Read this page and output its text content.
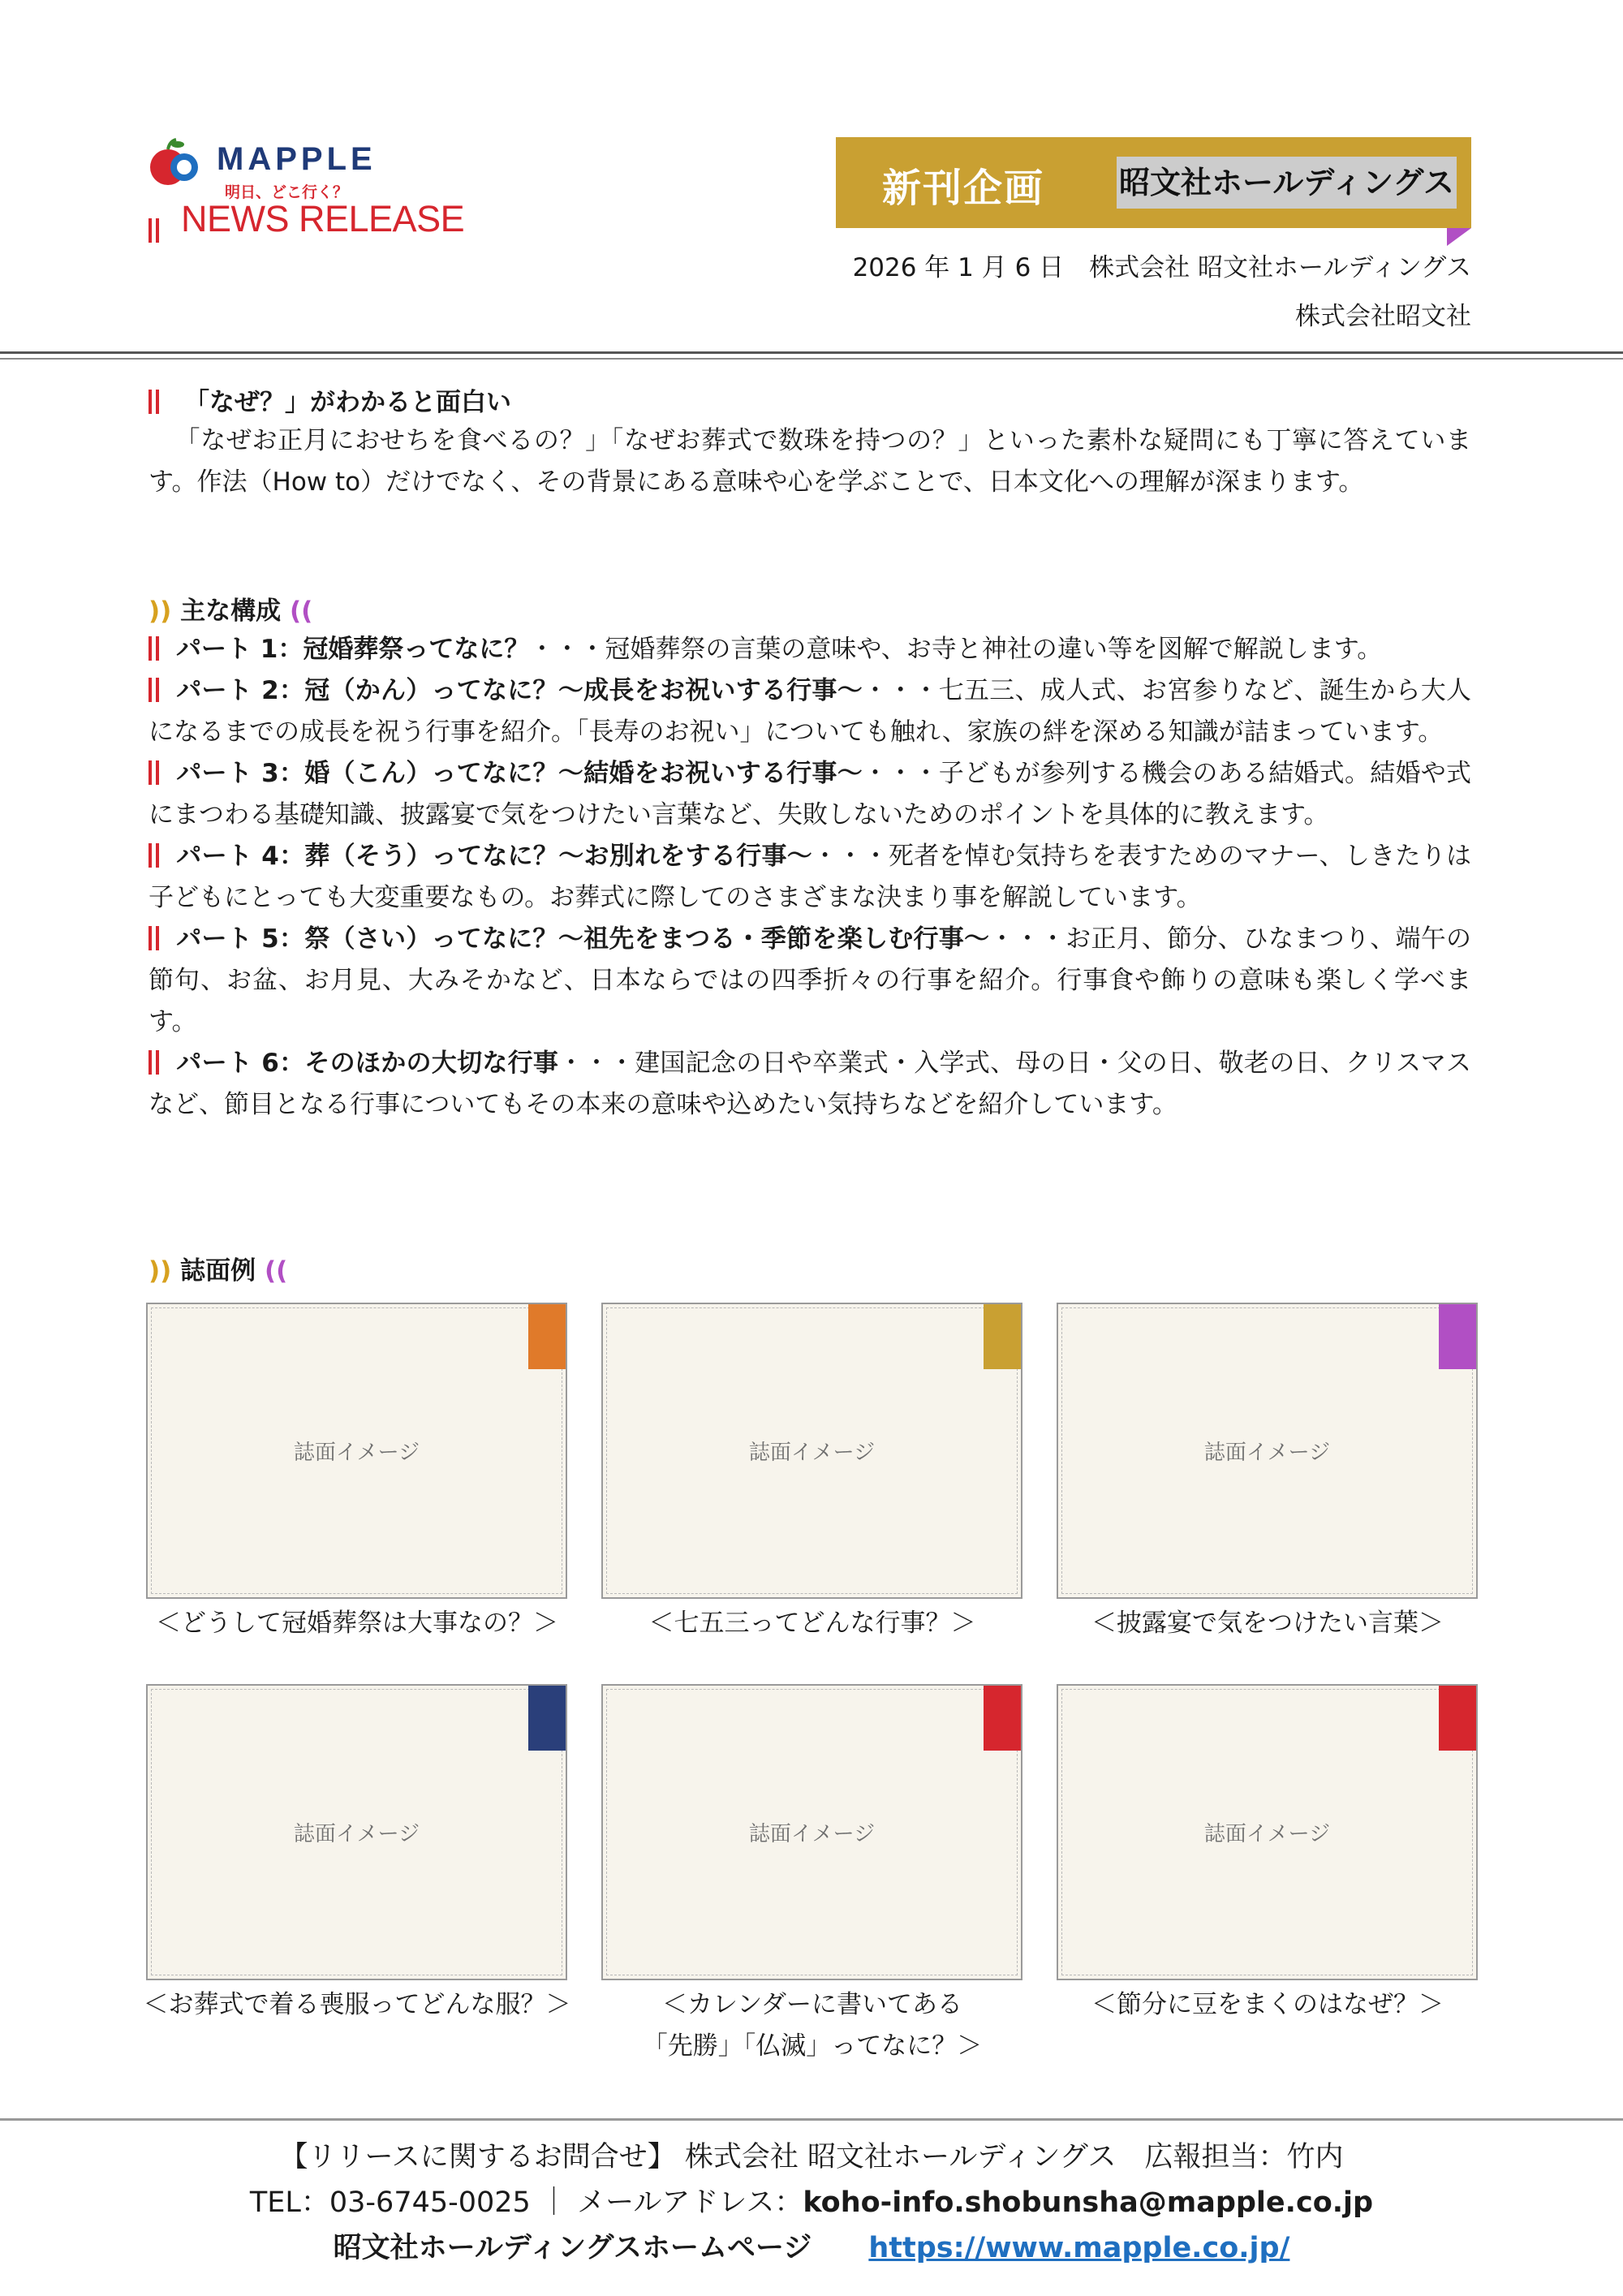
MAPPLE
明日、どこ行く？
NEWS RELEASE
新刊企画 昭文社ホールディングス
2026 年 1 月 6 日　株式会社 昭文社ホールディングス
株式会社昭文社
「なぜ？」がわかると面白い
「なぜお正月におせちを食べるの？」「なぜお葬式で数珠を持つの？」といった素朴な疑問にも丁寧に答えています。作法（How to）だけでなく、その背景にある意味や心を学ぶことで、日本文化への理解が深まります。
)) 主な構成 ((

パート 1：冠婚葬祭ってなに？・・・冠婚葬祭の言葉の意味や、お寺と神社の違い等を図解で解説します。

パート 2：冠（かん）ってなに？～成長をお祝いする行事～・・・七五三、成人式、お宮参りなど、誕生から大人になるまでの成長を祝う行事を紹介。「長寿のお祝い」についても触れ、家族の絆を深める知識が詰まっています。

パート 3：婚（こん）ってなに？～結婚をお祝いする行事～・・・子どもが参列する機会のある結婚式。結婚や式にまつわる基礎知識、披露宴で気をつけたい言葉など、失敗しないためのポイントを具体的に教えます。

パート 4：葬（そう）ってなに？～お別れをする行事～・・・死者を悼む気持ちを表すためのマナー、しきたりは子どもにとっても大変重要なもの。お葬式に際してのさまざまな決まり事を解説しています。

パート 5：祭（さい）ってなに？～祖先をまつる・季節を楽しむ行事～・・・お正月、節分、ひなまつり、端午の節句、お盆、お月見、大みそかなど、日本ならではの四季折々の行事を紹介。行事食や飾りの意味も楽しく学べます。

パート 6：そのほかの大切な行事・・・建国記念の日や卒業式・入学式、母の日・父の日、敬老の日、クリスマスなど、節目となる行事についてもその本来の意味や込めたい気持ちなどを紹介しています。

)) 誌面例 ((
誌面イメージ
＜どうして冠婚葬祭は大事なの？＞
誌面イメージ
＜七五三ってどんな行事？＞
誌面イメージ
＜披露宴で気をつけたい言葉＞
誌面イメージ
＜お葬式で着る喪服ってどんな服？＞
誌面イメージ
＜カレンダーに書いてある
「先勝」「仏滅」ってなに？＞
誌面イメージ
＜節分に豆をまくのはなぜ？＞
【リリースに関するお問合せ】 株式会社 昭文社ホールディングス　広報担当：竹内
TEL：03-6745-0025 ｜ メールアドレス：koho-info.shobunsha@mapple.co.jp
昭文社ホールディングスホームページ https://www.mapple.co.jp/
